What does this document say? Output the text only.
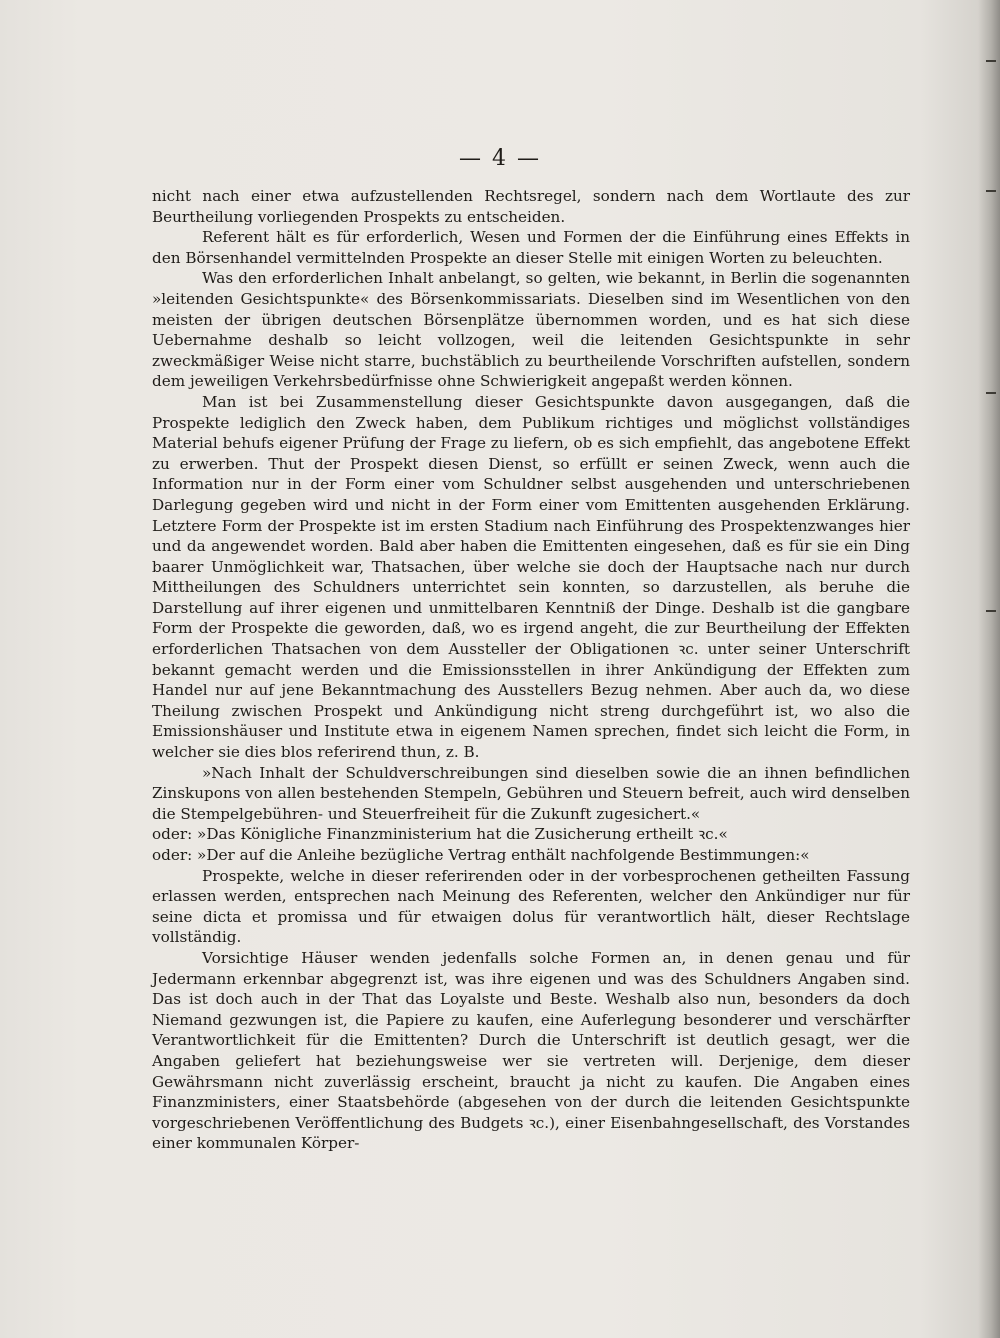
— 4 —

nicht nach einer etwa aufzustellenden Rechtsregel, sondern nach dem Wortlaute des zur Beurtheilung vorliegenden Prospekts zu entscheiden.

Referent hält es für erforderlich, Wesen und Formen der die Einführung eines Effekts in den Börsenhandel vermittelnden Prospekte an dieser Stelle mit einigen Worten zu beleuchten.

Was den erforderlichen Inhalt anbelangt, so gelten, wie bekannt, in Berlin die sogenannten »leitenden Gesichtspunkte« des Börsenkommissariats. Dieselben sind im Wesentlichen von den meisten der übrigen deutschen Börsenplätze übernommen worden, und es hat sich diese Uebernahme deshalb so leicht vollzogen, weil die leitenden Gesichtspunkte in sehr zweckmäßiger Weise nicht starre, buchstäblich zu beurtheilende Vorschriften aufstellen, sondern dem jeweiligen Verkehrsbedürfnisse ohne Schwierigkeit angepaßt werden können.

Man ist bei Zusammenstellung dieser Gesichtspunkte davon ausgegangen, daß die Prospekte lediglich den Zweck haben, dem Publikum richtiges und möglichst vollständiges Material behufs eigener Prüfung der Frage zu liefern, ob es sich empfiehlt, das angebotene Effekt zu erwerben. Thut der Prospekt diesen Dienst, so erfüllt er seinen Zweck, wenn auch die Information nur in der Form einer vom Schuldner selbst ausgehenden und unterschriebenen Darlegung gegeben wird und nicht in der Form einer vom Emittenten ausgehenden Erklärung. Letztere Form der Prospekte ist im ersten Stadium nach Einführung des Prospektenzwanges hier und da angewendet worden. Bald aber haben die Emittenten eingesehen, daß es für sie ein Ding baarer Unmöglichkeit war, Thatsachen, über welche sie doch der Hauptsache nach nur durch Mittheilungen des Schuldners unterrichtet sein konnten, so darzustellen, als beruhe die Darstellung auf ihrer eigenen und unmittelbaren Kenntniß der Dinge. Deshalb ist die gangbare Form der Prospekte die geworden, daß, wo es irgend angeht, die zur Beurtheilung der Effekten erforderlichen Thatsachen von dem Aussteller der Obligationen ꝛc. unter seiner Unterschrift bekannt gemacht werden und die Emissionsstellen in ihrer Ankündigung der Effekten zum Handel nur auf jene Bekanntmachung des Ausstellers Bezug nehmen. Aber auch da, wo diese Theilung zwischen Prospekt und Ankündigung nicht streng durchgeführt ist, wo also die Emissionshäuser und Institute etwa in eigenem Namen sprechen, findet sich leicht die Form, in welcher sie dies blos referirend thun, z. B.

»Nach Inhalt der Schuldverschreibungen sind dieselben sowie die an ihnen befindlichen Zinskupons von allen bestehenden Stempeln, Gebühren und Steuern befreit, auch wird denselben die Stempelgebühren- und Steuerfreiheit für die Zukunft zugesichert.«

oder: »Das Königliche Finanzministerium hat die Zusicherung ertheilt ꝛc.«

oder: »Der auf die Anleihe bezügliche Vertrag enthält nachfolgende Bestimmungen:«

Prospekte, welche in dieser referirenden oder in der vorbesprochenen getheilten Fassung erlassen werden, entsprechen nach Meinung des Referenten, welcher den Ankündiger nur für seine dicta et promissa und für etwaigen dolus für verantwortlich hält, dieser Rechtslage vollständig.

Vorsichtige Häuser wenden jedenfalls solche Formen an, in denen genau und für Jedermann erkennbar abgegrenzt ist, was ihre eigenen und was des Schuldners Angaben sind. Das ist doch auch in der That das Loyalste und Beste. Weshalb also nun, besonders da doch Niemand gezwungen ist, die Papiere zu kaufen, eine Auferlegung besonderer und verschärfter Verantwortlichkeit für die Emittenten? Durch die Unterschrift ist deutlich gesagt, wer die Angaben geliefert hat beziehungsweise wer sie vertreten will. Derjenige, dem dieser Gewährsmann nicht zuverlässig erscheint, braucht ja nicht zu kaufen. Die Angaben eines Finanzministers, einer Staatsbehörde (abgesehen von der durch die leitenden Gesichtspunkte vorgeschriebenen Veröffentlichung des Budgets ꝛc.), einer Eisenbahngesellschaft, des Vorstandes einer kommunalen Körper-
